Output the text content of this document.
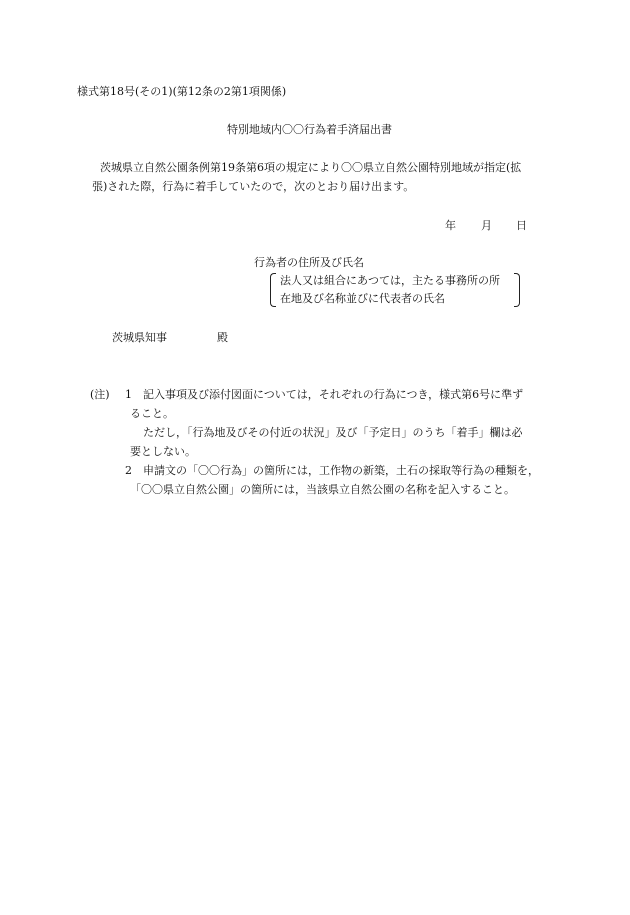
様式第18号(その1)(第12条の2第1項関係)
特別地域内〇〇行為着手済届出書
茨城県立自然公園条例第19条第6項の規定により〇〇県立自然公園特別地域が指定(拡
張)された際，行為に着手していたので，次のとおり届け出ます。
年 月 日
行為者の住所及び氏名
法人又は組合にあつては，主たる事務所の所
在地及び名称並びに代表者の氏名
茨城県知事	殿
(注) 1 記入事項及び添付図面については，それぞれの行為につき，様式第6号に準ず
ること。
ただし，「行為地及びその付近の状況」及び「予定日」のうち「着手」欄は必
要としない。
2 申請文の「〇〇行為」の箇所には，工作物の新築，土石の採取等行為の種類を，
「〇〇県立自然公園」の箇所には，当該県立自然公園の名称を記入すること。
